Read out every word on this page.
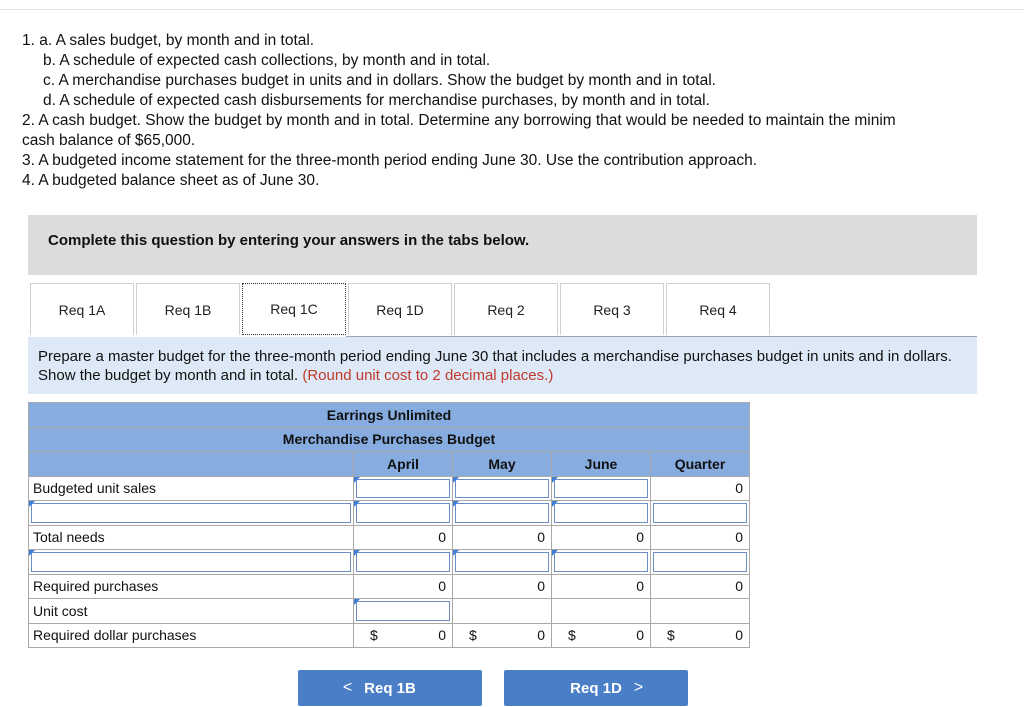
1. a. A sales budget, by month and in total.
b. A schedule of expected cash collections, by month and in total.
c. A merchandise purchases budget in units and in dollars. Show the budget by month and in total.
d. A schedule of expected cash disbursements for merchandise purchases, by month and in total.
2. A cash budget. Show the budget by month and in total. Determine any borrowing that would be needed to maintain the minim
cash balance of $65,000.
3. A budgeted income statement for the three-month period ending June 30. Use the contribution approach.
4. A budgeted balance sheet as of June 30.
Complete this question by entering your answers in the tabs below.
Req 1A	Req 1B	Req 1C	Req 1D	Req 2	Req 3	Req 4
Prepare a master budget for the three-month period ending June 30 that includes a merchandise purchases budget in units and in dollars. Show the budget by month and in total. (Round unit cost to 2 decimal places.)
Earrings Unlimited				
Merchandise Purchases Budget				
	April	May	June	Quarter
Budgeted unit sales				0

Total needs	0	0	0	0

Required purchases	0	0	0	0
Unit cost	

Required dollar purchases	$ 0	$ 0	$ 0	$ 0
< Req 1B	Req 1D >
